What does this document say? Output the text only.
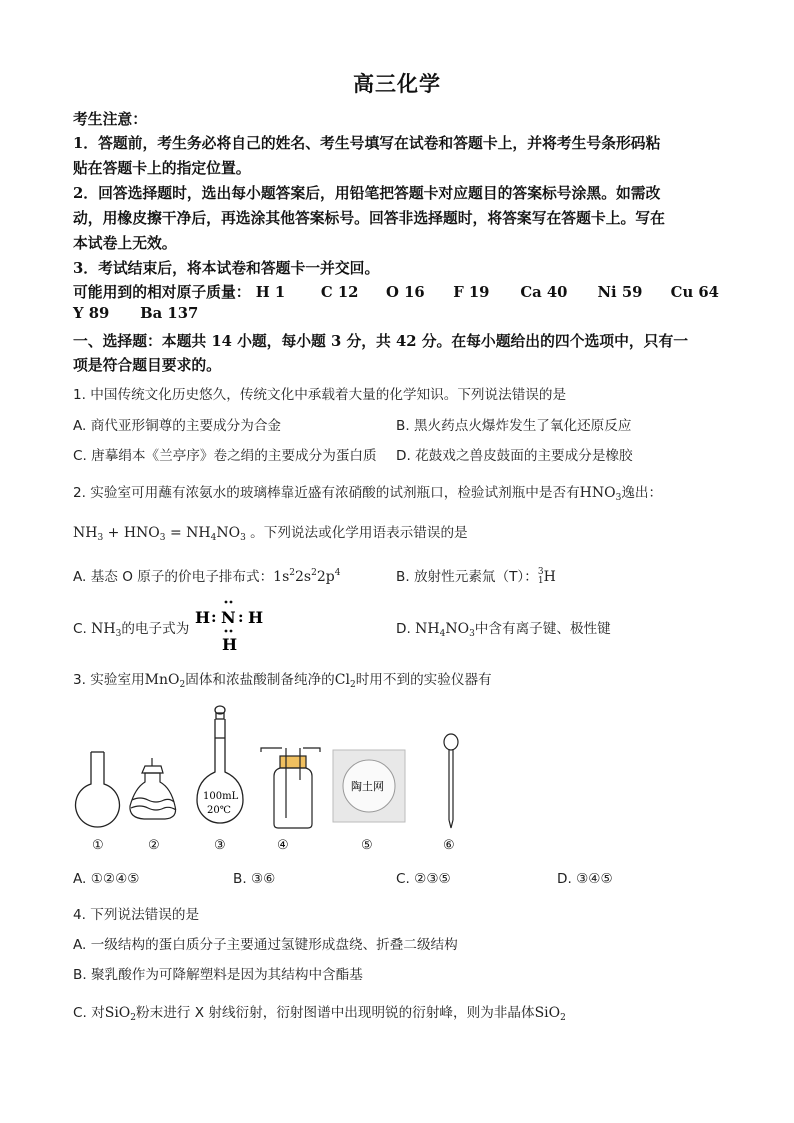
高三化学
考生注意：
1．答题前，考生务必将自己的姓名、考生号填写在试卷和答题卡上，并将考生号条形码粘
贴在答题卡上的指定位置。
2．回答选择题时，选出每小题答案后，用铅笔把答题卡对应题目的答案标号涂黑。如需改
动，用橡皮擦干净后，再选涂其他答案标号。回答非选择题时，将答案写在答题卡上。写在
本试卷上无效。
3．考试结束后，将本试卷和答题卡一并交回。
可能用到的相对原子质量： H 1 C 12 O 16 F 19 Ca 40 Ni 59 Cu 64
Y 89 Ba 137
一、选择题：本题共 14 小题，每小题 3 分，共 42 分。在每小题给出的四个选项中，只有一
项是符合题目要求的。
1. 中国传统文化历史悠久，传统文化中承载着大量的化学知识。下列说法错误的是
A. 商代亚形铜尊的主要成分为合金	B. 黑火药点火爆炸发生了氧化还原反应
C. 唐摹绢本《兰亭序》卷之绢的主要成分为蛋白质 D. 花鼓戏之兽皮鼓面的主要成分是橡胶
2. 实验室可用蘸有浓氨水的玻璃棒靠近盛有浓硝酸的试剂瓶口，检验试剂瓶中是否有$HNO_3$逸出：
$NH_3 + HNO_3 = NH_4NO_3$ 。下列说法或化学用语表示错误的是
A. 基态 O 原子的价电子排布式：$1s^22s^22p^4$	B. 放射性元素氚（T）：3
1H
C. $NH_3$的电子式为
H : N : H
H
D. $NH_4NO_3$中含有离子键、极性键
3. 实验室用MnO$_2$固体和浓盐酸制备纯净的$Cl_2$时用不到的实验仪器有
100mL
20℃
陶土网
①	②	③	④	⑤	⑥
A. ①②④⑤	B. ③⑥	C. ②③⑤	D. ③④⑤
4. 下列说法错误的是
A. 一级结构的蛋白质分子主要通过氢键形成盘绕、折叠二级结构
B. 聚乳酸作为可降解塑料是因为其结构中含酯基
C. 对SiO$_2$粉末进行 X 射线衍射，衍射图谱中出现明锐的衍射峰，则为非晶体SiO$_2$
